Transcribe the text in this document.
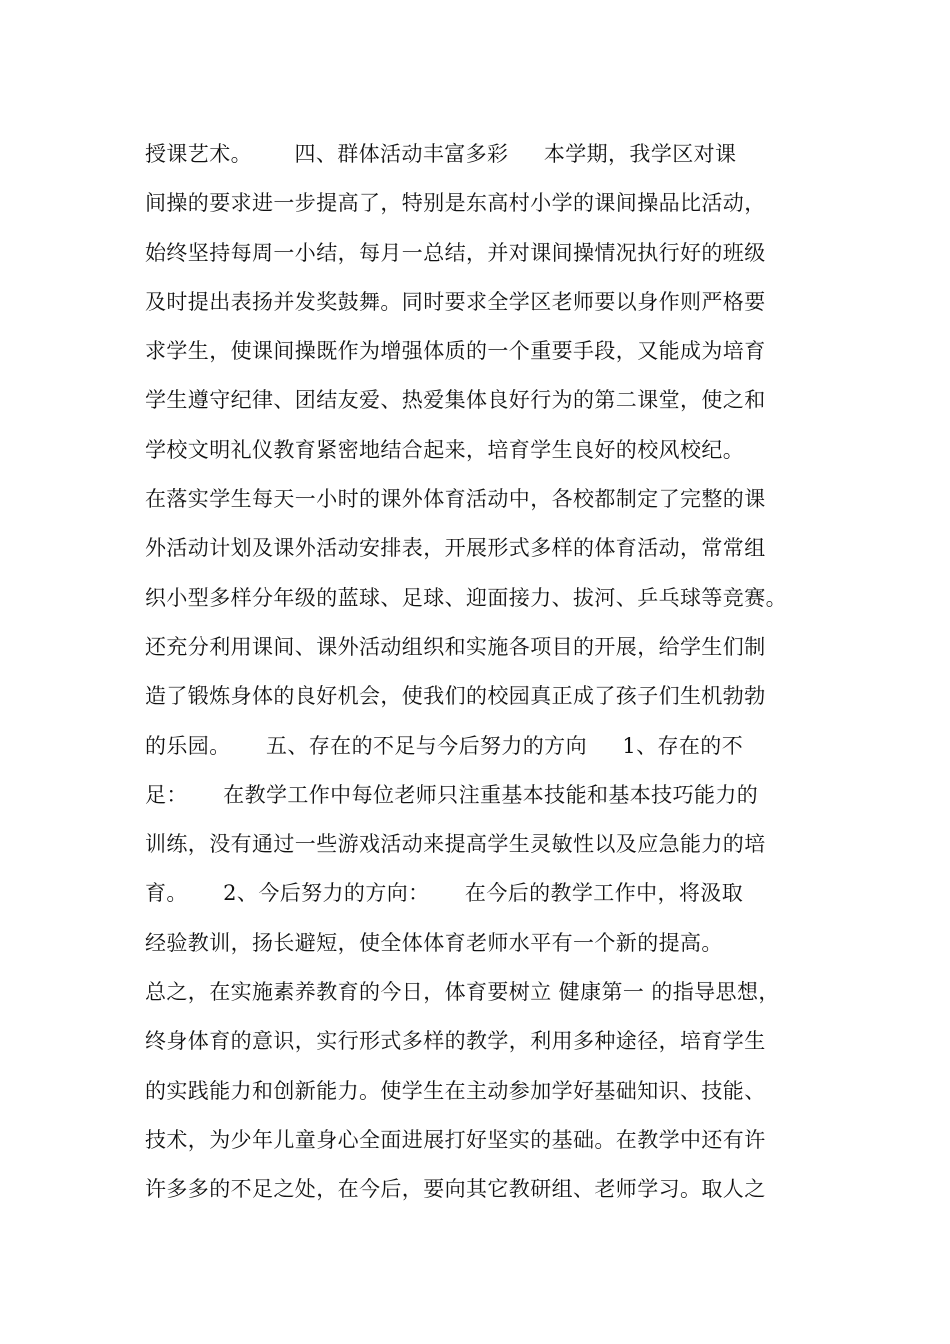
授课艺术。      四、群体活动丰富多彩     本学期，我学区对课
间操的要求进一步提高了，特别是东高村小学的课间操品比活动，
始终坚持每周一小结，每月一总结，并对课间操情况执行好的班级
及时提出表扬并发奖鼓舞。同时要求全学区老师要以身作则严格要
求学生，使课间操既作为增强体质的一个重要手段，又能成为培育
学生遵守纪律、团结友爱、热爱集体良好行为的第二课堂，使之和
学校文明礼仪教育紧密地结合起来，培育学生良好的校风校纪。
在落实学生每天一小时的课外体育活动中，各校都制定了完整的课
外活动计划及课外活动安排表，开展形式多样的体育活动，常常组
织小型多样分年级的蓝球、足球、迎面接力、拔河、乒乓球等竞赛。
还充分利用课间、课外活动组织和实施各项目的开展，给学生们制
造了锻炼身体的良好机会，使我们的校园真正成了孩子们生机勃勃
的乐园。     五、存在的不足与今后努力的方向     1、存在的不
足：     在教学工作中每位老师只注重基本技能和基本技巧能力的
训练，没有通过一些游戏活动来提高学生灵敏性以及应急能力的培
育。     2、今后努力的方向：     在今后的教学工作中，将汲取
经验教训，扬长避短，使全体体育老师水平有一个新的提高。
总之，在实施素养教育的今日，体育要树立 健康第一 的指导思想，
终身体育的意识，实行形式多样的教学，利用多种途径，培育学生
的实践能力和创新能力。使学生在主动参加学好基础知识、技能、
技术，为少年儿童身心全面进展打好坚实的基础。在教学中还有许
许多多的不足之处，在今后，要向其它教研组、老师学习。取人之
